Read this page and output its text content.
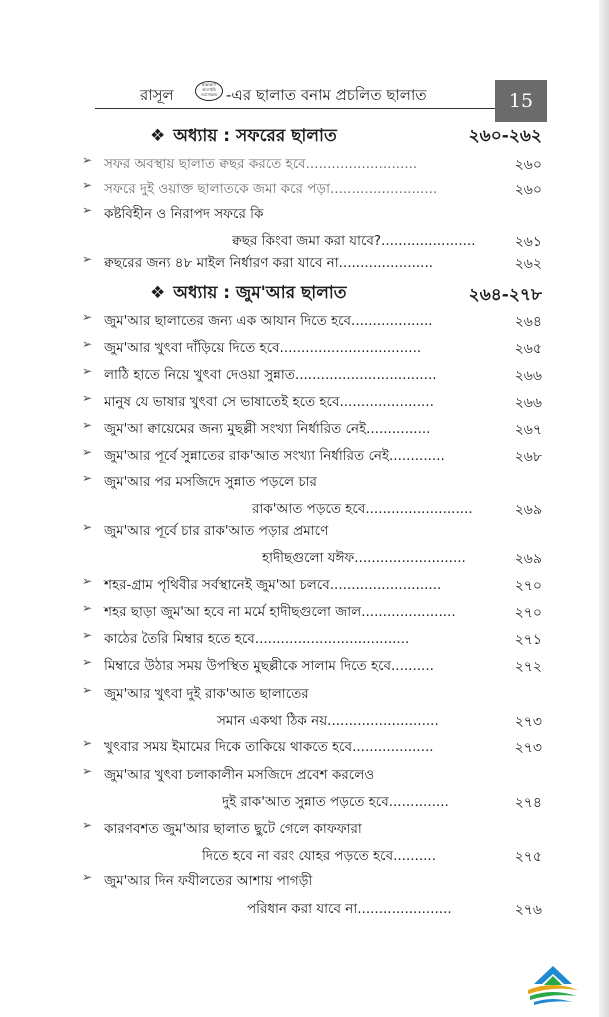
রাসূল
ছাল্লাল্লাহু আলাইহি ওয়াসাল্লাম -এর ছালাত বনাম প্রচলিত ছালাত	15
❖ অধ্যায় : সফরের ছালাত	২৬০-২৬২
➢ সফর অবস্থায় ছালাত ক্বছর করতে হবে..........................	২৬০
➢ সফরে দুই ওয়াক্ত ছালাতকে জমা করে পড়া.........................	২৬০
➢ কষ্টবিহীন ও নিরাপদ সফরে কি
ক্বছর কিংবা জমা করা যাবে?......................	২৬১
➢ ক্বছরের জন্য ৪৮ মাইল নির্ধারণ করা যাবে না......................	২৬২
❖ অধ্যায় : জুম'আর ছালাত	২৬৪-২৭৮
➢ জুম'আর ছালাতের জন্য এক আযান দিতে হবে...................	২৬৪
➢ জুম'আর খুৎবা দাঁড়িয়ে দিতে হবে.................................	২৬৫
➢ লাঠি হাতে নিয়ে খুৎবা দেওয়া সুন্নাত.................................	২৬৬
➢ মানুষ যে ভাষার খুৎবা সে ভাষাতেই হতে হবে......................	২৬৬
➢ জুম'আ ক্বায়েমের জন্য মুছল্লী সংখ্যা নির্ধারিত নেই...............	২৬৭
➢ জুম'আর পূর্বে সুন্নাতের রাক'আত সংখ্যা নির্ধারিত নেই.............	২৬৮
➢ জুম'আর পর মসজিদে সুন্নাত পড়লে চার
রাক'আত পড়তে হবে.........................	২৬৯
➢ জুম'আর পূর্বে চার রাক'আত পড়ার প্রমাণে
হাদীছগুলো যঈফ..........................	২৬৯
➢ শহর-গ্রাম পৃথিবীর সর্বস্থানেই জুম'আ চলবে..........................	২৭০
➢ শহর ছাড়া জুম'আ হবে না মর্মে হাদীছগুলো জাল......................	২৭০
➢ কাঠের তৈরি মিম্বার হতে হবে....................................	২৭১
➢ মিম্বারে উঠার সময় উপস্থিত মুছল্লীকে সালাম দিতে হবে..........	২৭২
➢ জুম'আর খুৎবা দুই রাক'আত ছালাতের
সমান একথা ঠিক নয়..........................	২৭৩
➢ খুৎবার সময় ইমামের দিকে তাকিয়ে থাকতে হবে...................	২৭৩
➢ জুম'আর খুৎবা চলাকালীন মসজিদে প্রবেশ করলেও
দুই রাক'আত সুন্নাত পড়তে হবে..............	২৭৪
➢ কারণবশত জুম'আর ছালাত ছুটে গেলে কাফফারা
দিতে হবে না বরং যোহর পড়তে হবে..........	২৭৫
➢ জুম'আর দিন ফযীলতের আশায় পাগড়ী
পরিধান করা যাবে না......................	২৭৬
